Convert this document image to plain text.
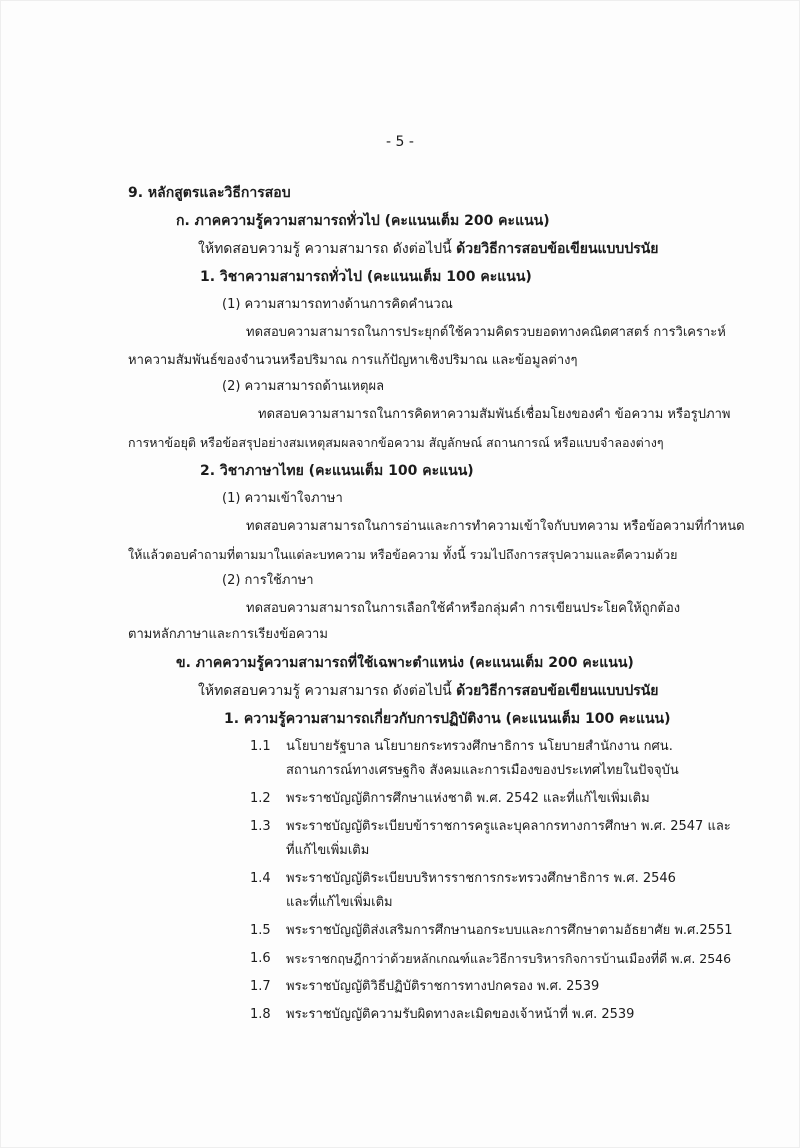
- 5 -
9. หลักสูตรและวิธีการสอบ
ก. ภาคความรู้ความสามารถทั่วไป (คะแนนเต็ม 200 คะแนน)
ให้ทดสอบความรู้ ความสามารถ ดังต่อไปนี้ ด้วยวิธีการสอบข้อเขียนแบบปรนัย
1. วิชาความสามารถทั่วไป (คะแนนเต็ม 100 คะแนน)
(1) ความสามารถทางด้านการคิดคำนวณ
ทดสอบความสามารถในการประยุกต์ใช้ความคิดรวบยอดทางคณิตศาสตร์ การวิเคราะห์
หาความสัมพันธ์ของจำนวนหรือปริมาณ การแก้ปัญหาเชิงปริมาณ และข้อมูลต่างๆ
(2) ความสามารถด้านเหตุผล
ทดสอบความสามารถในการคิดหาความสัมพันธ์เชื่อมโยงของคำ ข้อความ หรือรูปภาพ
การหาข้อยุติ หรือข้อสรุปอย่างสมเหตุสมผลจากข้อความ สัญลักษณ์ สถานการณ์ หรือแบบจำลองต่างๆ
2. วิชาภาษาไทย (คะแนนเต็ม 100 คะแนน)
(1) ความเข้าใจภาษา
ทดสอบความสามารถในการอ่านและการทำความเข้าใจกับบทความ หรือข้อความที่กำหนด
ให้แล้วตอบคำถามที่ตามมาในแต่ละบทความ หรือข้อความ ทั้งนี้ รวมไปถึงการสรุปความและตีความด้วย
(2) การใช้ภาษา
ทดสอบความสามารถในการเลือกใช้คำหรือกลุ่มคำ การเขียนประโยคให้ถูกต้อง
ตามหลักภาษาและการเรียงข้อความ
ข. ภาคความรู้ความสามารถที่ใช้เฉพาะตำแหน่ง (คะแนนเต็ม 200 คะแนน)
ให้ทดสอบความรู้ ความสามารถ ดังต่อไปนี้ ด้วยวิธีการสอบข้อเขียนแบบปรนัย
1. ความรู้ความสามารถเกี่ยวกับการปฏิบัติงาน (คะแนนเต็ม 100 คะแนน)
1.1 นโยบายรัฐบาล นโยบายกระทรวงศึกษาธิการ นโยบายสำนักงาน กศน.
สถานการณ์ทางเศรษฐกิจ สังคมและการเมืองของประเทศไทยในปัจจุบัน
1.2 พระราชบัญญัติการศึกษาแห่งชาติ พ.ศ. 2542 และที่แก้ไขเพิ่มเติม
1.3 พระราชบัญญัติระเบียบข้าราชการครูและบุคลากรทางการศึกษา พ.ศ. 2547 และ
ที่แก้ไขเพิ่มเติม
1.4 พระราชบัญญัติระเบียบบริหารราชการกระทรวงศึกษาธิการ พ.ศ. 2546
และที่แก้ไขเพิ่มเติม
1.5 พระราชบัญญัติส่งเสริมการศึกษานอกระบบและการศึกษาตามอัธยาศัย พ.ศ.2551
1.6 พระราชกฤษฎีกาว่าด้วยหลักเกณฑ์และวิธีการบริหารกิจการบ้านเมืองที่ดี พ.ศ. 2546
1.7 พระราชบัญญัติวิธีปฏิบัติราชการทางปกครอง พ.ศ. 2539
1.8 พระราชบัญญัติความรับผิดทางละเมิดของเจ้าหน้าที่ พ.ศ. 2539
